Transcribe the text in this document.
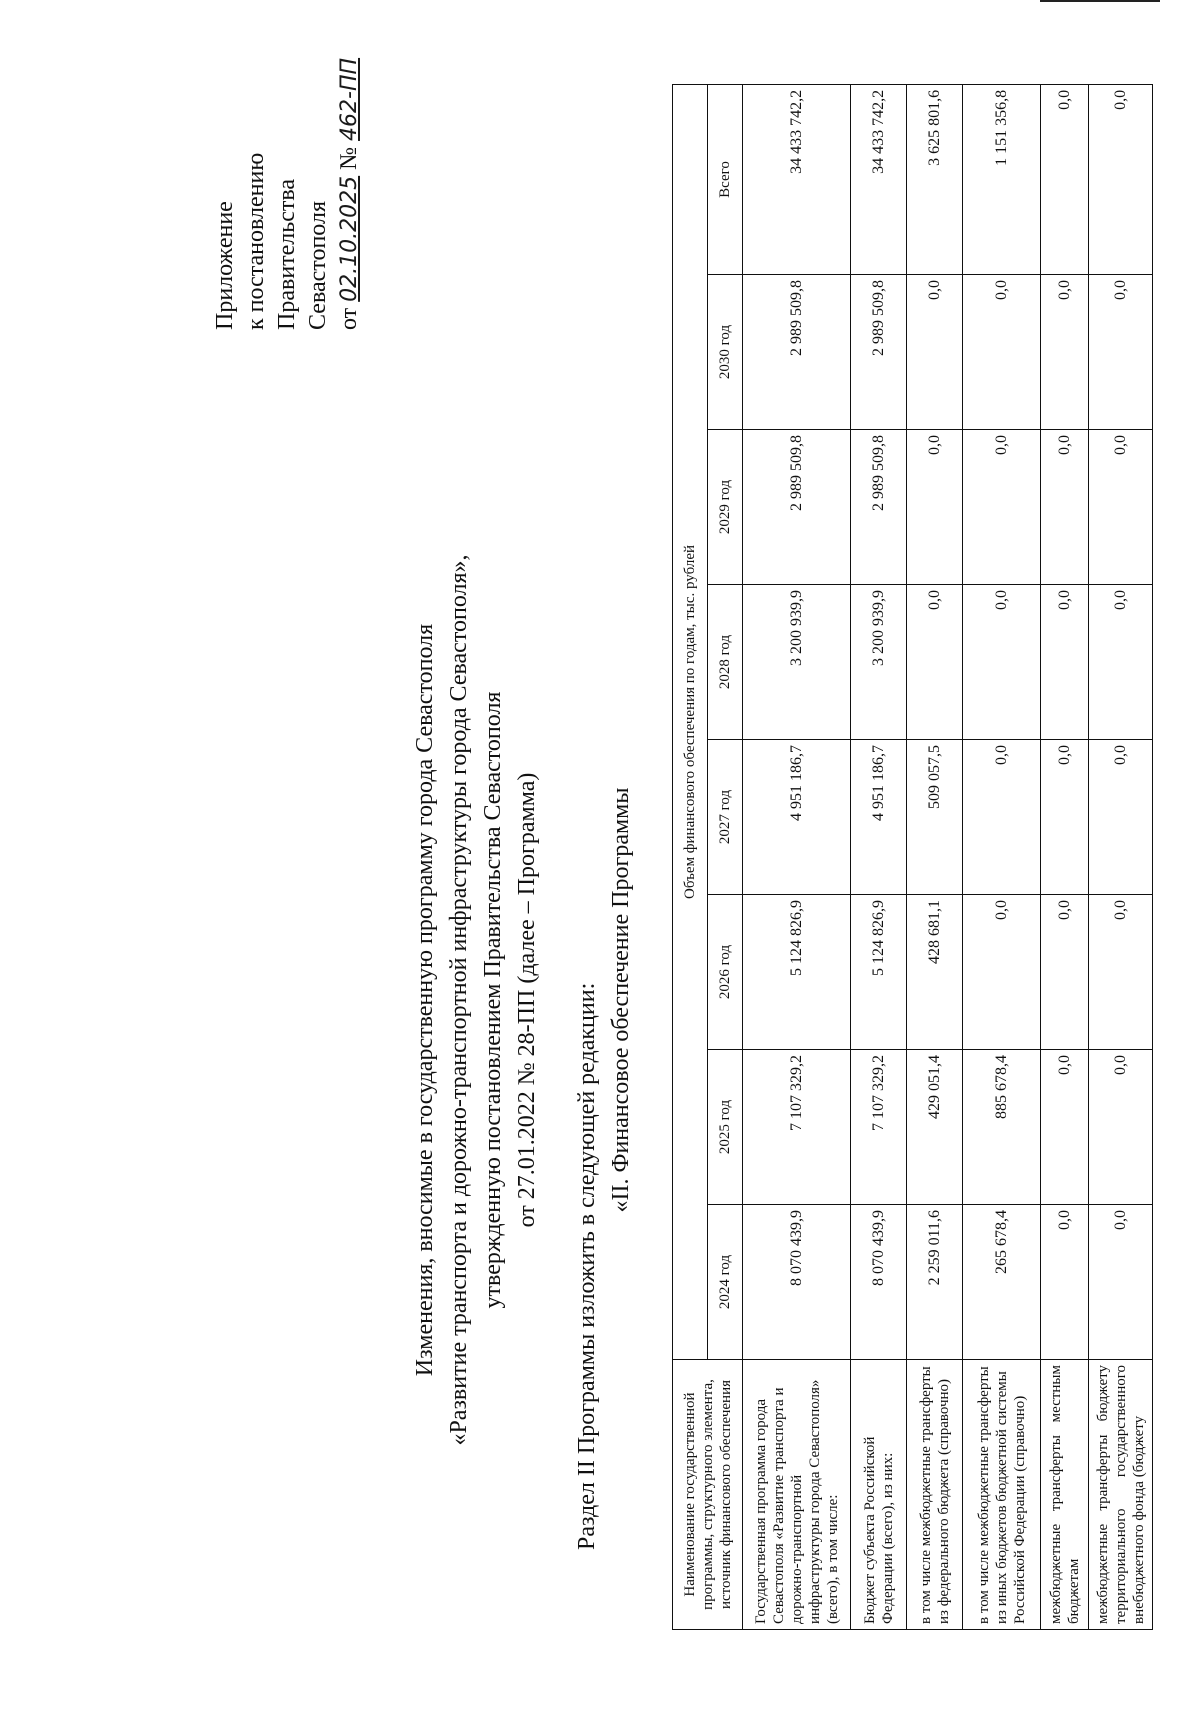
Приложение к постановлению Правительства Севастополя от 02.10.2025 № 462-ПП
Изменения, вносимые в государственную программу города Севастополя «Развитие транспорта и дорожно-транспортной инфраструктуры города Севастополя», утвержденную постановлением Правительства Севастополя от 27.01.2022 № 28-ПП (далее – Программа) Раздел II Программы изложить в следующей редакции: «II. Финансовое обеспечение Программы
Наименование государственной программы, структурного элемента, источник финансового обеспечения	Объем финансового обеспечения по годам, тыс. рублей							
	2024 год	2025 год	2026 год	2027 год	2028 год	2029 год	2030 год	Всего
Государственная программа города Севастополя «Развитие транспорта и дорожно-транспортной инфраструктуры города Севастополя» (всего), в том числе:	8 070 439,9	7 107 329,2	5 124 826,9	4 951 186,7	3 200 939,9	2 989 509,8	2 989 509,8	34 433 742,2
Бюджет субъекта Российской Федерации (всего), из них:	8 070 439,9	7 107 329,2	5 124 826,9	4 951 186,7	3 200 939,9	2 989 509,8	2 989 509,8	34 433 742,2
в том числе межбюджетные трансферты из федерального бюджета (справочно)	2 259 011,6	429 051,4	428 681,1	509 057,5	0,0	0,0	0,0	3 625 801,6
в том числе межбюджетные трансферты из иных бюджетов бюджетной системы Российской Федерации (справочно)	265 678,4	885 678,4	0,0	0,0	0,0	0,0	0,0	1 151 356,8
межбюджетные трансферты местным бюджетам	0,0	0,0	0,0	0,0	0,0	0,0	0,0	0,0
межбюджетные трансферты бюджету территориального государственного внебюджетного фонда (бюджету	0,0	0,0	0,0	0,0	0,0	0,0	0,0	0,0
